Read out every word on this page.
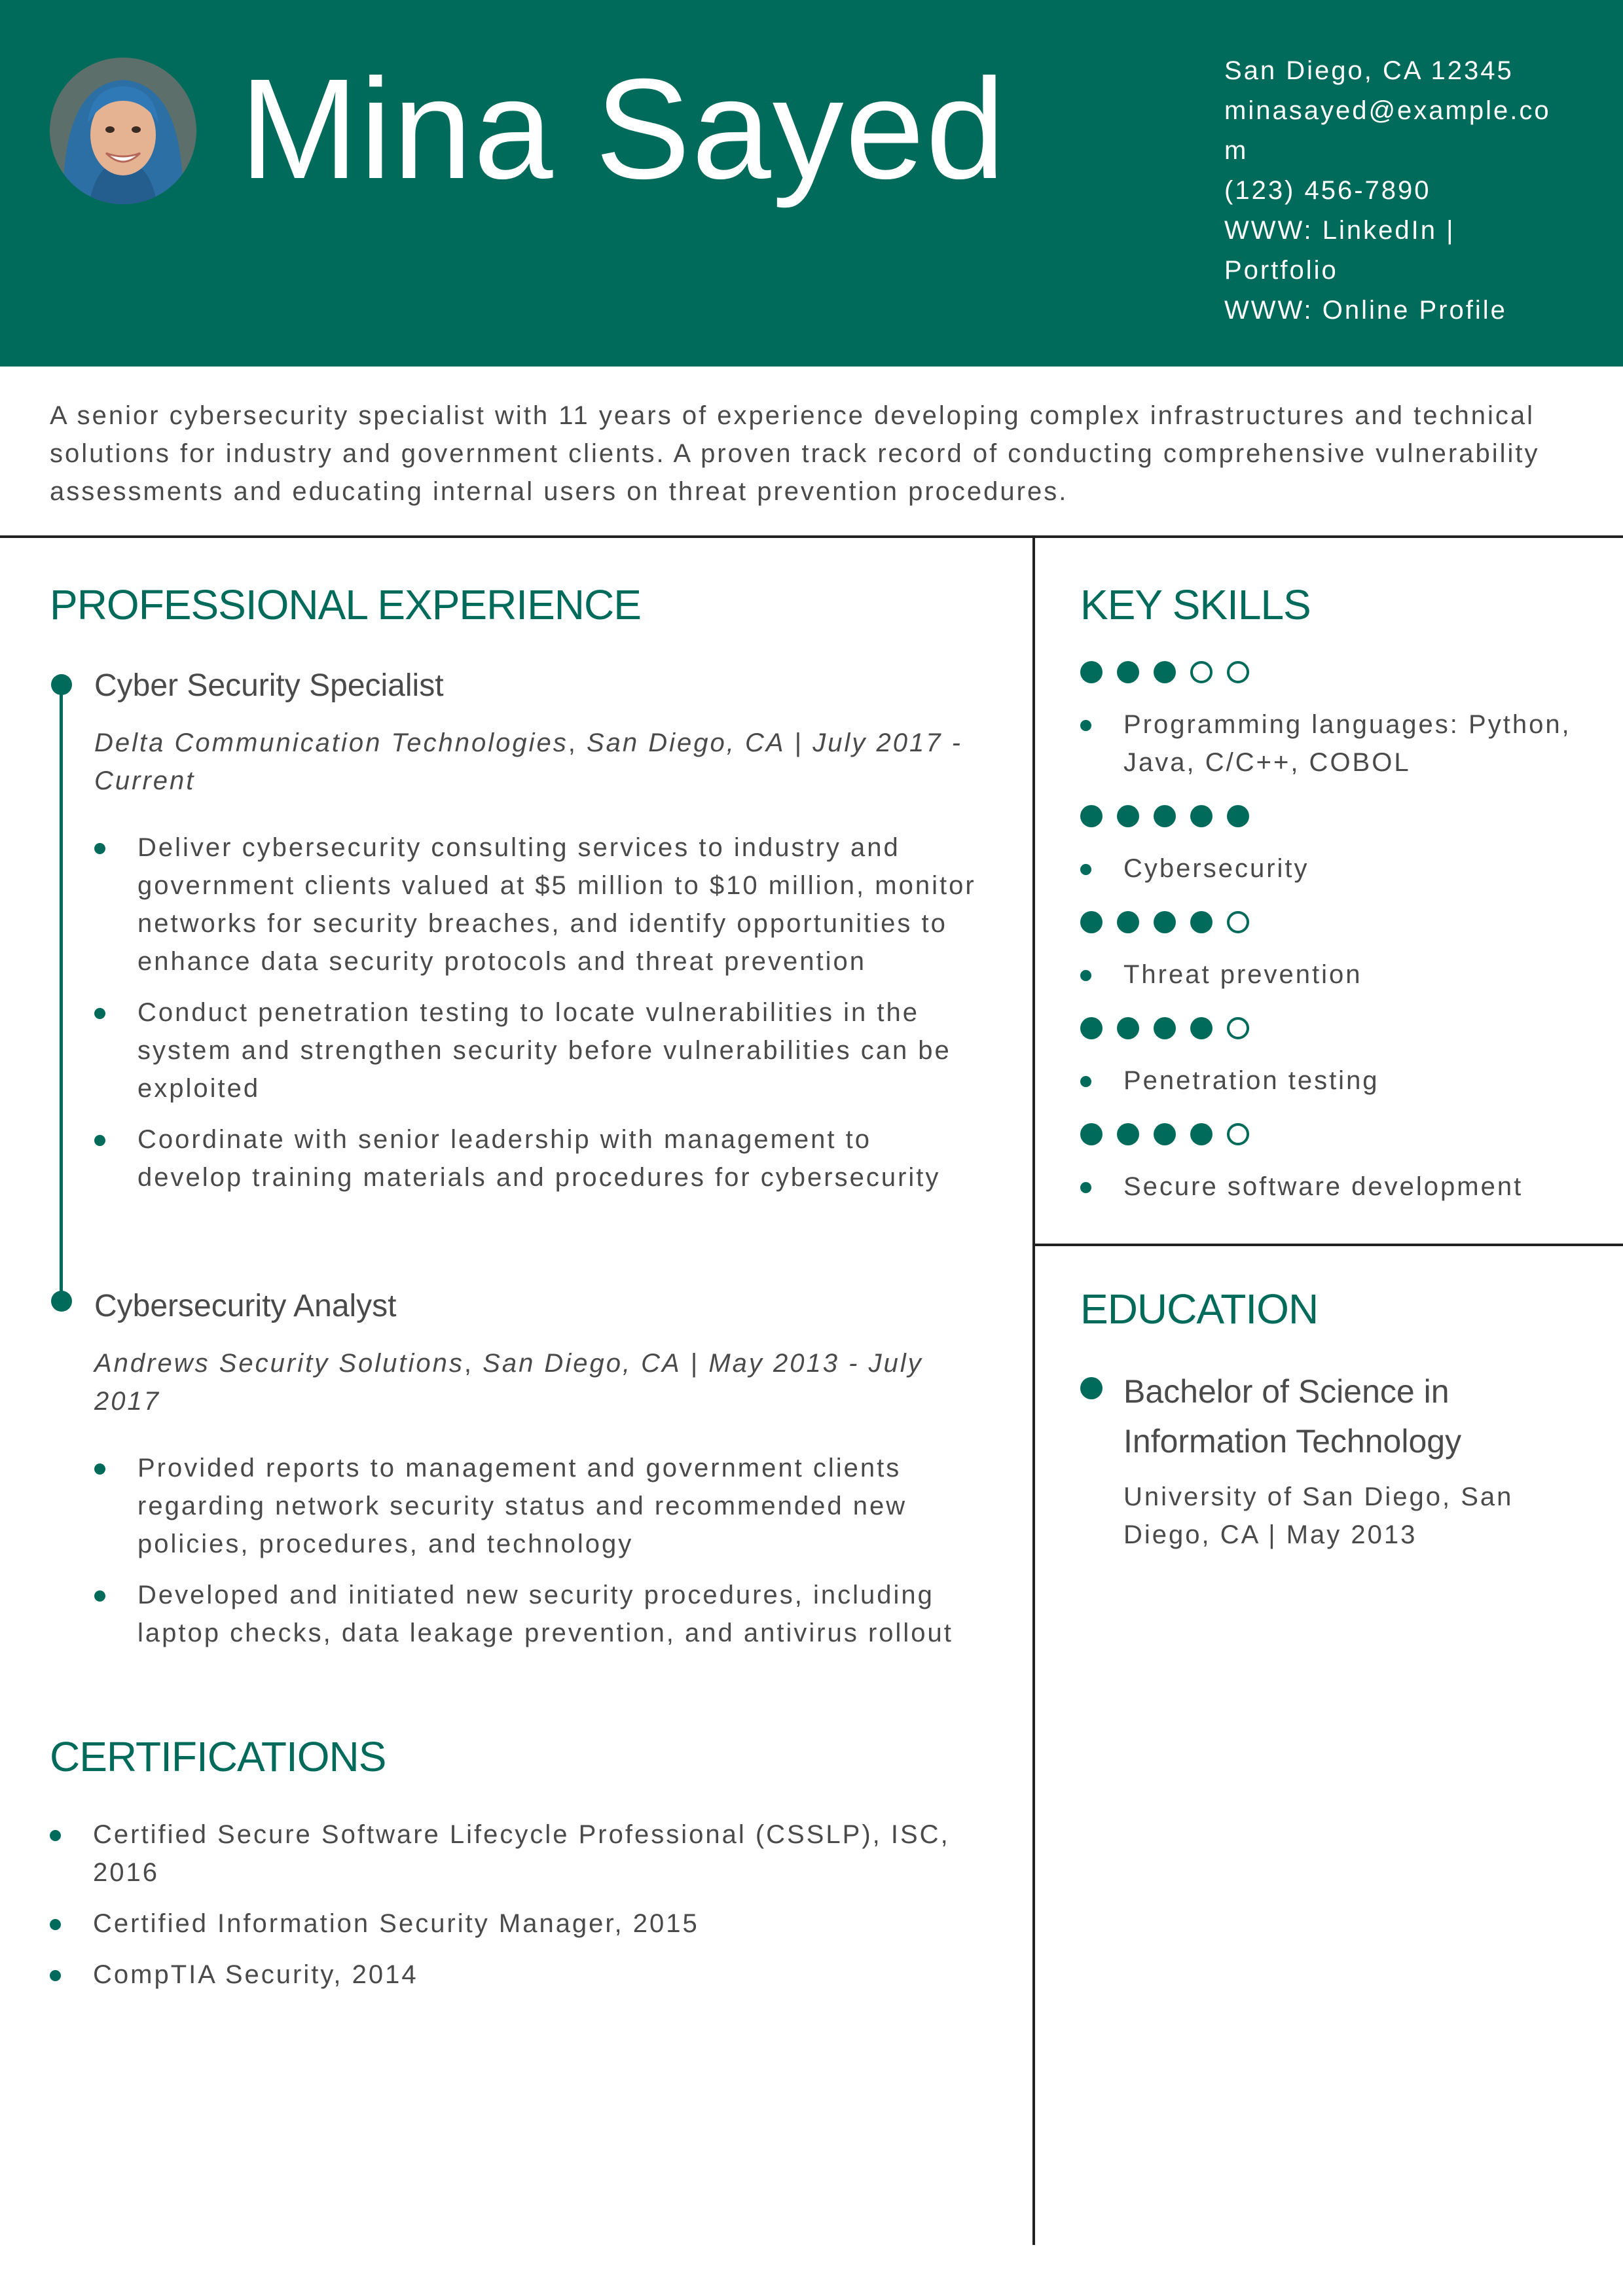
Mina Sayed	San Diego, CA 12345
minasayed@example.com
(123) 456-7890
WWW: LinkedIn | Portfolio
WWW: Online Profile
A senior cybersecurity specialist with 11 years of experience developing complex infrastructures and technical solutions for industry and government clients. A proven track record of conducting comprehensive vulnerability assessments and educating internal users on threat prevention procedures.
PROFESSIONAL EXPERIENCE
Cyber Security Specialist
Delta Communication Technologies, San Diego, CA | July 2017 - Current
Deliver cybersecurity consulting services to industry and government clients valued at $5 million to $10 million, monitor networks for security breaches, and identify opportunities to enhance data security protocols and threat prevention
Conduct penetration testing to locate vulnerabilities in the system and strengthen security before vulnerabilities can be exploited
Coordinate with senior leadership with management to develop training materials and procedures for cybersecurity
Cybersecurity Analyst
Andrews Security Solutions, San Diego, CA | May 2013 - July 2017
Provided reports to management and government clients regarding network security status and recommended new policies, procedures, and technology
Developed and initiated new security procedures, including laptop checks, data leakage prevention, and antivirus rollout
CERTIFICATIONS
Certified Secure Software Lifecycle Professional (CSSLP), ISC, 2016
Certified Information Security Manager, 2015
CompTIA Security, 2014
KEY SKILLS
Programming languages: Python, Java, C/C++, COBOL
Cybersecurity
Threat prevention
Penetration testing
Secure software development
EDUCATION
Bachelor of Science in Information Technology
University of San Diego, San Diego, CA | May 2013
